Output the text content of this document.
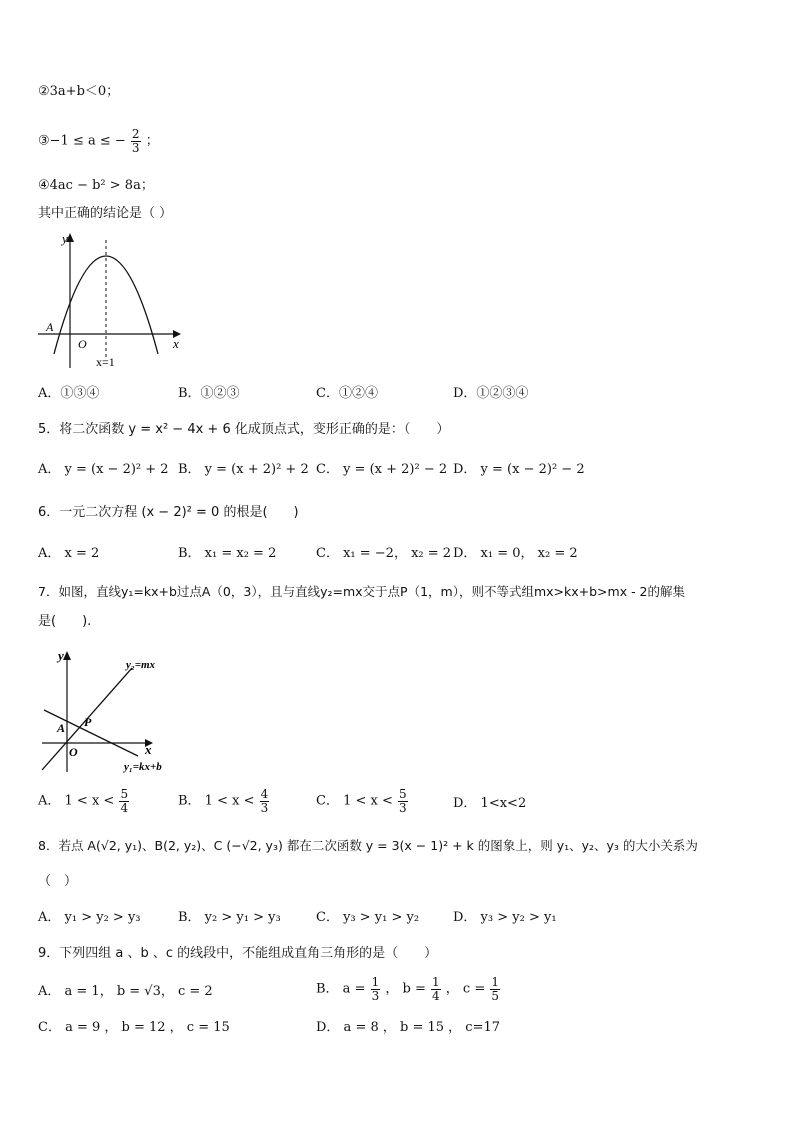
②3a+b＜0；
③−1 ≤ a ≤ − $\frac{2}{3}$ ；
④4ac − b² > 8a；
其中正确的结论是（ ）
y
x
O
A
x=1
A．①③④	B．①②③	C．①②④	D．①②③④
5．将二次函数 y = x² − 4x + 6 化成顶点式，变形正确的是：（　　）
A． y = (x − 2)² + 2 B． y = (x + 2)² + 2 C． y = (x + 2)² − 2 D． y = (x − 2)² − 2
6．一元二次方程 (x − 2)² = 0 的根是(　　)
A． x = 2	B． x₁ = x₂ = 2	C． x₁ = −2， x₂ = 2 D． x₁ = 0， x₂ = 2
7．如图，直线y₁=kx+b过点A（0，3），且与直线y₂=mx交于点P（1，m），则不等式组mx>kx+b>mx - 2的解集
是(　　).
y
x
O
A P
y₂=mx
y₁=kx+b
A． $1 < x < \frac{5}{4}$	B． $1 < x < \frac{4}{3}$	C． $1 < x < \frac{5}{3}$	D． 1<x<2
8．若点 A(√2, y₁)、B(2, y₂)、C (−√2, y₃) 都在二次函数 y = 3(x − 1)² + k 的图象上，则 y₁、y₂、y₃ 的大小关系为
（　）
A． y₁ > y₂ > y₃	B． y₂ > y₁ > y₃	C． y₃ > y₁ > y₂	D． y₃ > y₂ > y₁
9．下列四组 a 、b 、c 的线段中，不能组成直角三角形的是（　　）
A． a = 1， b = √3， c = 2	B． $a = \frac{1}{3}$ ， $b = \frac{1}{4}$ ， $c = \frac{1}{5}$
C． a = 9 ， b = 12 ， c = 15	D． a = 8 ， b = 15 ， c=17
